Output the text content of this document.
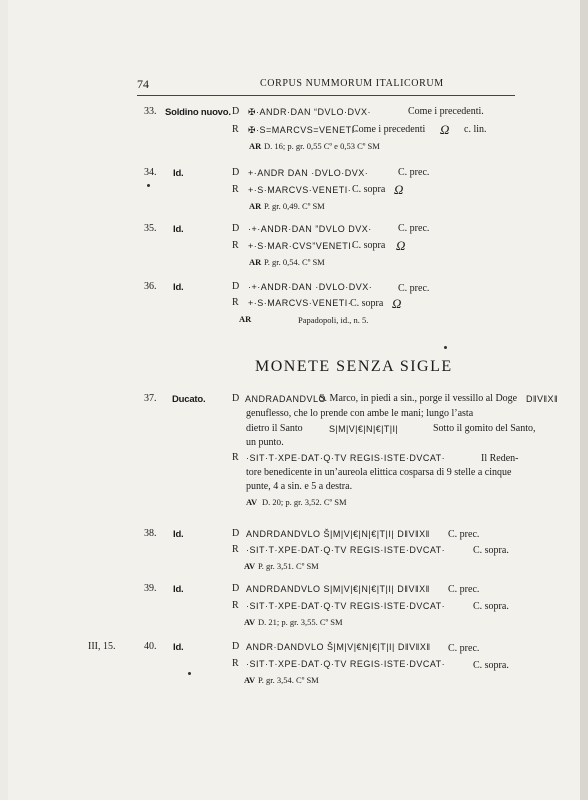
74	CORPUS NUMMORUM ITALICORUM
33. Soldino nuovo. D ✠·ANDR·DAN “DVLO·DVX·	Come i precedenti.
R ✠·S=MARCVS=VENETI·
Come i precedenti Ω c. lin.
AR D. 16; p. gr. 0,55 Cº e 0,53 Cº SM
34. Id.	D +·ANDR DAN ·DVLO·DVX·	C. prec.
R +·S·MARCVS·VENETI· C. sopra Ω
AR P. gr. 0,49. Cº SM
35. Id.	D ·+·ANDR·DAN ”DVLO DVX·	C. prec.
R +·S·MAR·CVS”VENETI·
C. sopra Ω
AR P. gr. 0,54. Cº SM
36. Id.	D ·+·ANDR·DAN ·DVLO·DVX·	C. prec.
R +·S·MARCVS·VENETI·
C. sopra Ω
AR	Papadopoli, id., n. 5.
MONETE SENZA SIGLE
37. Ducato.	D ANDRADANDVLO
S. Marco, in piedi a sin., porge il vessillo al Doge D‖V‖X‖
genuflesso, che lo prende con ambe le mani; lungo l’asta
dietro il Santo	S|M|V|€|N|€|T|I|	Sotto il gomito del Santo,
un punto.
R ·SIT·T·XPE·DAT·Q·TV REGIS·ISTE·DVCAT·	Il Reden-
tore benedicente in un’aureola elittica cosparsa di 9 stelle a cinque
punte, 4 a sin. e 5 a destra.
AV D. 20; p. gr. 3,52. Cº SM
38. Id.	D ANDRDANDVLO Š|M|V|€|N|€|T|I| D‖V‖X‖ C. prec.
R ·SIT·T·XPE·DAT·Q·TV REGIS·ISTE·DVCAT·	C. sopra.
AV P. gr. 3,51. Cº SM
39. Id.	D ANDRDANDVLO S|M|V|€|N|€|T|I| D‖V‖X‖ C. prec.
R ·SIT·T·XPE·DAT·Q·TV REGIS·ISTE·DVCAT·	C. sopra.
AV D. 21; p. gr. 3,55. Cº SM
III, 15.	40. Id.	D ANDR·DANDVLO Š|M|V|€N|€|T|I| D‖V‖X‖ C. prec.
R ·SIT·T·XPE·DAT·Q·TV REGIS·ISTE·DVCAT·	C. sopra.
AV P. gr. 3,54. Cº SM
